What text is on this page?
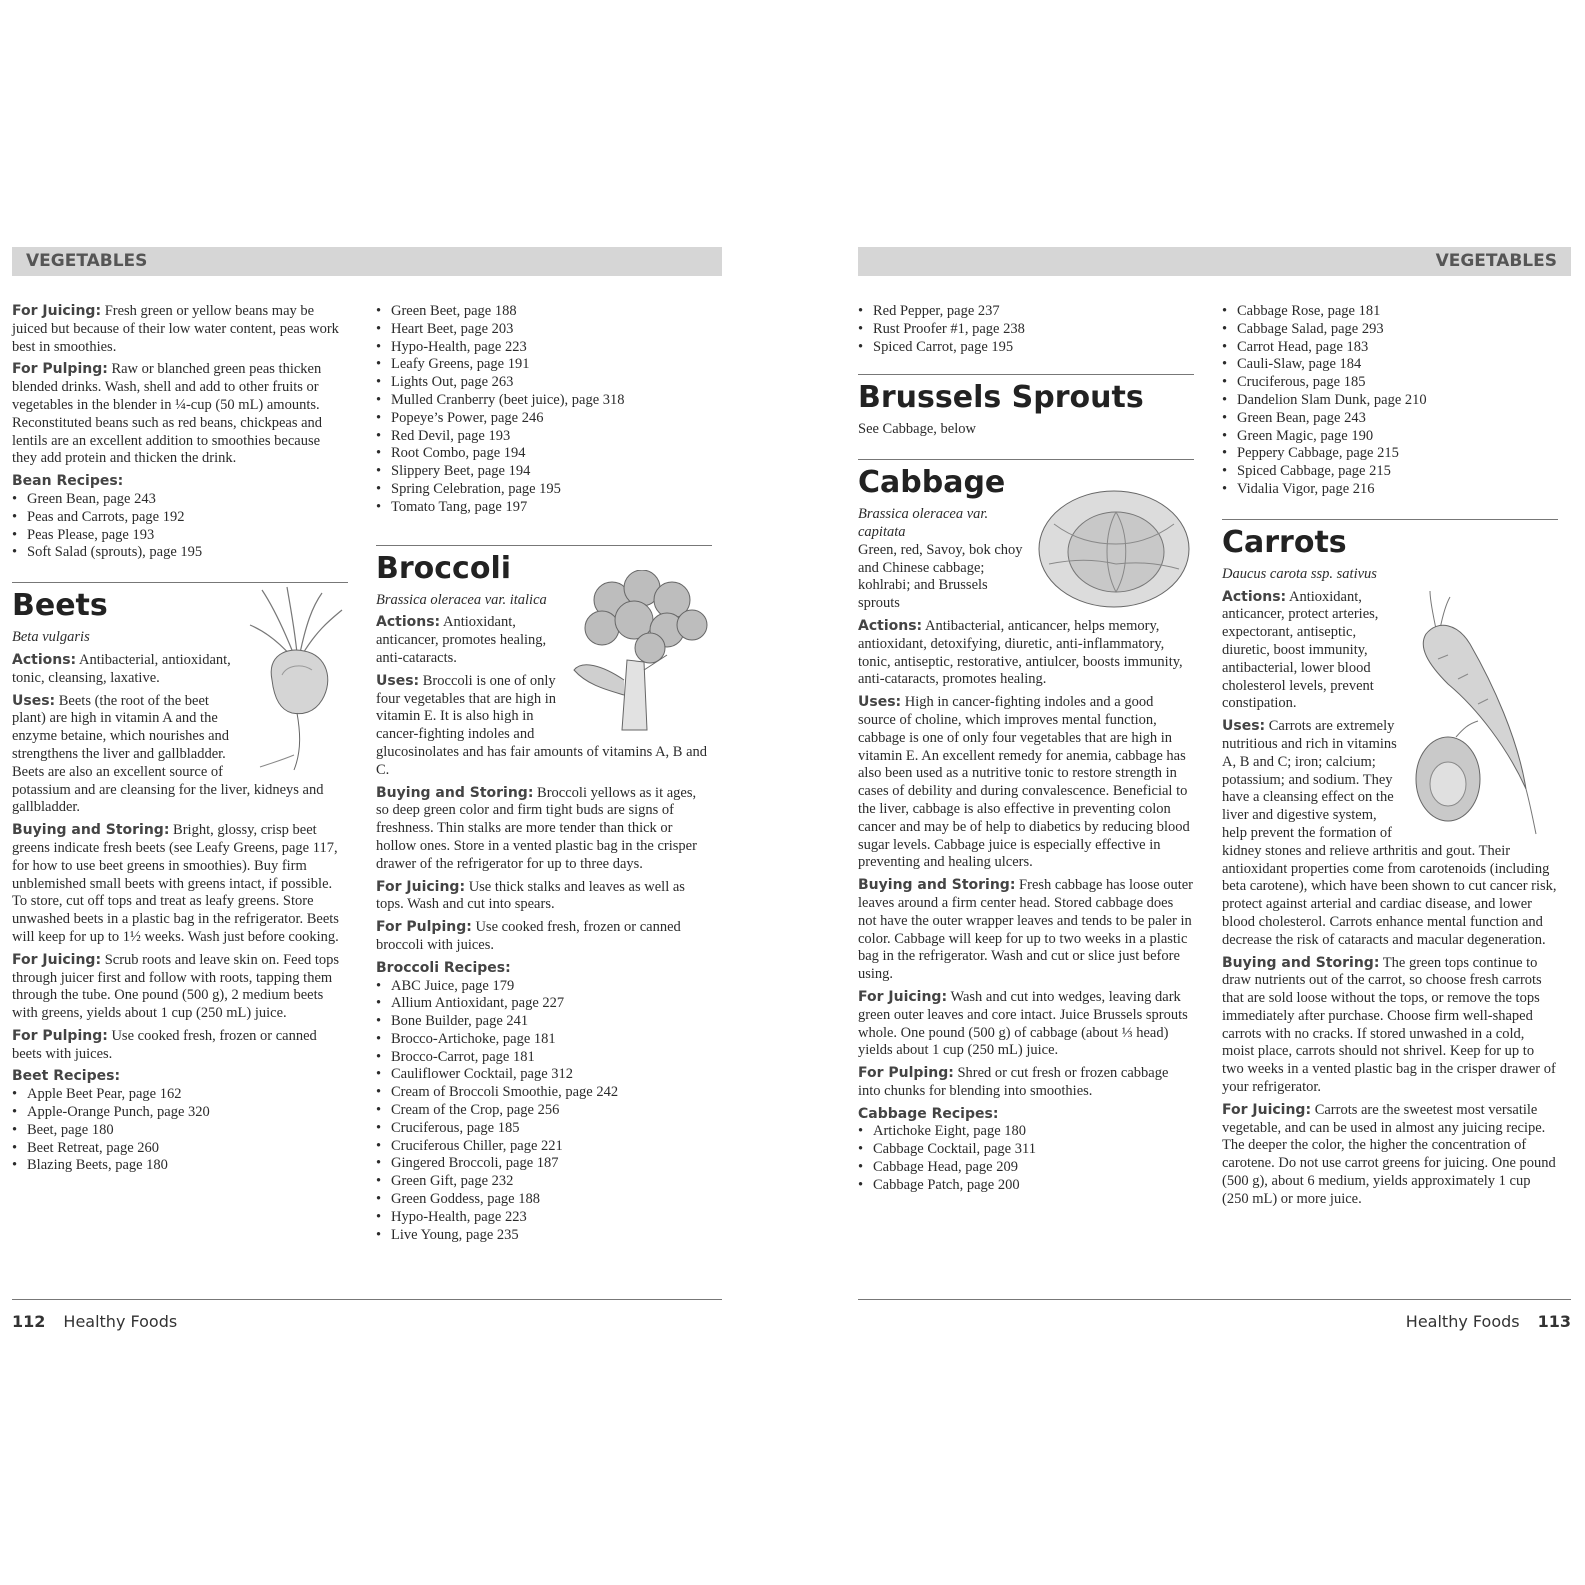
VEGETABLES

For Juicing: Fresh green or yellow beans may be juiced but because of their low water content, peas work best in smoothies.

For Pulping: Raw or blanched green peas thicken blended drinks. Wash, shell and add to other fruits or vegetables in the blender in ¼-cup (50 mL) amounts. Reconstituted beans such as red beans, chickpeas and lentils are an excellent addition to smoothies because they add protein and thicken the drink.

Bean Recipes:
• Green Bean, page 243
• Peas and Carrots, page 192
• Peas Please, page 193
• Soft Salad (sprouts), page 195
Beets

Beta vulgaris

Actions: Antibacterial, antioxidant, tonic, cleansing, laxative.

Uses: Beets (the root of the beet plant) are high in vitamin A and the enzyme betaine, which nourishes and strengthens the liver and gallbladder. Beets are also an excellent source of potassium and are cleansing for the liver, kidneys and gallbladder.

Buying and Storing: Bright, glossy, crisp beet greens indicate fresh beets (see Leafy Greens, page 117, for how to use beet greens in smoothies). Buy firm unblemished small beets with greens intact, if possible. To store, cut off tops and treat as leafy greens. Store unwashed beets in a plastic bag in the refrigerator. Beets will keep for up to 1½ weeks. Wash just before cooking.

For Juicing: Scrub roots and leave skin on. Feed tops through juicer first and follow with roots, tapping them through the tube. One pound (500 g), 2 medium beets with greens, yields about 1 cup (250 mL) juice.

For Pulping: Use cooked fresh, frozen or canned beets with juices.

Beet Recipes:
• Apple Beet Pear, page 162
• Apple-Orange Punch, page 320
• Beet, page 180
• Beet Retreat, page 260
• Blazing Beets, page 180
• Green Beet, page 188
• Heart Beet, page 203
• Hypo-Health, page 223
• Leafy Greens, page 191
• Lights Out, page 263
• Mulled Cranberry (beet juice), page 318
• Popeye’s Power, page 246
• Red Devil, page 193
• Root Combo, page 194
• Slippery Beet, page 194
• Spring Celebration, page 195
• Tomato Tang, page 197
Broccoli

Brassica oleracea var. italica

Actions: Antioxidant, anticancer, promotes healing, anti-cataracts.

Uses: Broccoli is one of only four vegetables that are high in vitamin E. It is also high in cancer-fighting indoles and glucosinolates and has fair amounts of vitamins A, B and C.

Buying and Storing: Broccoli yellows as it ages, so deep green color and firm tight buds are signs of freshness. Thin stalks are more tender than thick or hollow ones. Store in a vented plastic bag in the crisper drawer of the refrigerator for up to three days.

For Juicing: Use thick stalks and leaves as well as tops. Wash and cut into spears.

For Pulping: Use cooked fresh, frozen or canned broccoli with juices.

Broccoli Recipes:
• ABC Juice, page 179
• Allium Antioxidant, page 227
• Bone Builder, page 241
• Brocco-Artichoke, page 181
• Brocco-Carrot, page 181
• Cauliflower Cocktail, page 312
• Cream of Broccoli Smoothie, page 242
• Cream of the Crop, page 256
• Cruciferous, page 185
• Cruciferous Chiller, page 221
• Gingered Broccoli, page 187
• Green Gift, page 232
• Green Goddess, page 188
• Hypo-Health, page 223
• Live Young, page 235
112 Healthy Foods
VEGETABLES
• Red Pepper, page 237
• Rust Proofer #1, page 238
• Spiced Carrot, page 195
Brussels Sprouts

See Cabbage, below

Cabbage

Brassica oleracea var. capitata

Green, red, Savoy, bok choy and Chinese cabbage; kohlrabi; and Brussels sprouts

Actions: Antibacterial, anticancer, helps memory, antioxidant, detoxifying, diuretic, anti-inflammatory, tonic, antiseptic, restorative, antiulcer, boosts immunity, anti-cataracts, promotes healing.

Uses: High in cancer-fighting indoles and a good source of choline, which improves mental function, cabbage is one of only four vegetables that are high in vitamin E. An excellent remedy for anemia, cabbage has also been used as a nutritive tonic to restore strength in cases of debility and during convalescence. Beneficial to the liver, cabbage is also effective in preventing colon cancer and may be of help to diabetics by reducing blood sugar levels. Cabbage juice is especially effective in preventing and healing ulcers.

Buying and Storing: Fresh cabbage has loose outer leaves around a firm center head. Stored cabbage does not have the outer wrapper leaves and tends to be paler in color. Cabbage will keep for up to two weeks in a plastic bag in the refrigerator. Wash and cut or slice just before using.

For Juicing: Wash and cut into wedges, leaving dark green outer leaves and core intact. Juice Brussels sprouts whole. One pound (500 g) of cabbage (about ⅓ head) yields about 1 cup (250 mL) juice.

For Pulping: Shred or cut fresh or frozen cabbage into chunks for blending into smoothies.

Cabbage Recipes:
• Artichoke Eight, page 180
• Cabbage Cocktail, page 311
• Cabbage Head, page 209
• Cabbage Patch, page 200
• Cabbage Rose, page 181
• Cabbage Salad, page 293
• Carrot Head, page 183
• Cauli-Slaw, page 184
• Cruciferous, page 185
• Dandelion Slam Dunk, page 210
• Green Bean, page 243
• Green Magic, page 190
• Peppery Cabbage, page 215
• Spiced Cabbage, page 215
• Vidalia Vigor, page 216
Carrots

Daucus carota ssp. sativus

Actions: Antioxidant, anticancer, protect arteries, expectorant, antiseptic, diuretic, boost immunity, antibacterial, lower blood cholesterol levels, prevent constipation.

Uses: Carrots are extremely nutritious and rich in vitamins A, B and C; iron; calcium; potassium; and sodium. They have a cleansing effect on the liver and digestive system, help prevent the formation of kidney stones and relieve arthritis and gout. Their antioxidant properties come from carotenoids (including beta carotene), which have been shown to cut cancer risk, protect against arterial and cardiac disease, and lower blood cholesterol. Carrots enhance mental function and decrease the risk of cataracts and macular degeneration.

Buying and Storing: The green tops continue to draw nutrients out of the carrot, so choose fresh carrots that are sold loose without the tops, or remove the tops immediately after purchase. Choose firm well-shaped carrots with no cracks. If stored unwashed in a cold, moist place, carrots should not shrivel. Keep for up to two weeks in a vented plastic bag in the crisper drawer of your refrigerator.

For Juicing: Carrots are the sweetest most versatile vegetable, and can be used in almost any juicing recipe. The deeper the color, the higher the concentration of carotene. Do not use carrot greens for juicing. One pound (500 g), about 6 medium, yields approximately 1 cup (250 mL) or more juice.

Healthy Foods 113
